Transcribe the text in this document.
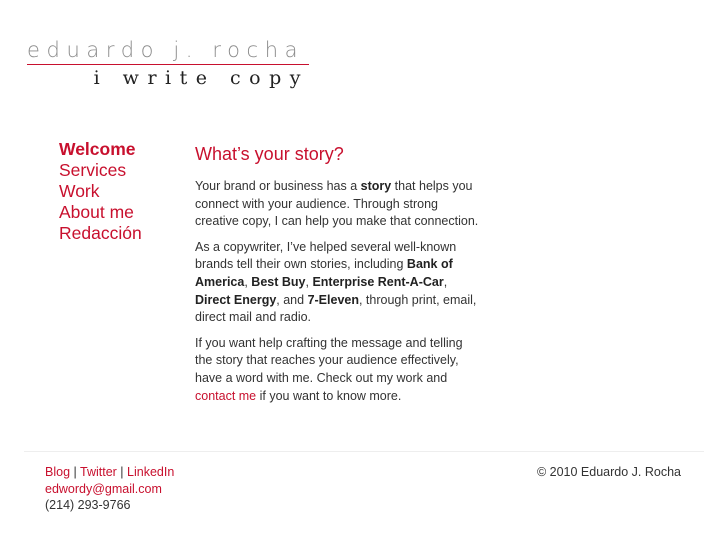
eduardo j. rocha
i write copy
Welcome
Services
Work
About me
Redacción
What’s your story?

Your brand or business has a story that helps you connect with your audience. Through strong creative copy, I can help you make that connection.

As a copywriter, I’ve helped several well-known brands tell their own stories, including Bank of America, Best Buy, Enterprise Rent-A-Car, Direct Energy, and 7-Eleven, through print, email, direct mail and radio.

If you want help crafting the message and telling the story that reaches your audience effectively, have a word with me. Check out my work and contact me if you want to know more.

Blog | Twitter | LinkedIn
edwordy@gmail.com
(214) 293-9766
© 2010 Eduardo J. Rocha
